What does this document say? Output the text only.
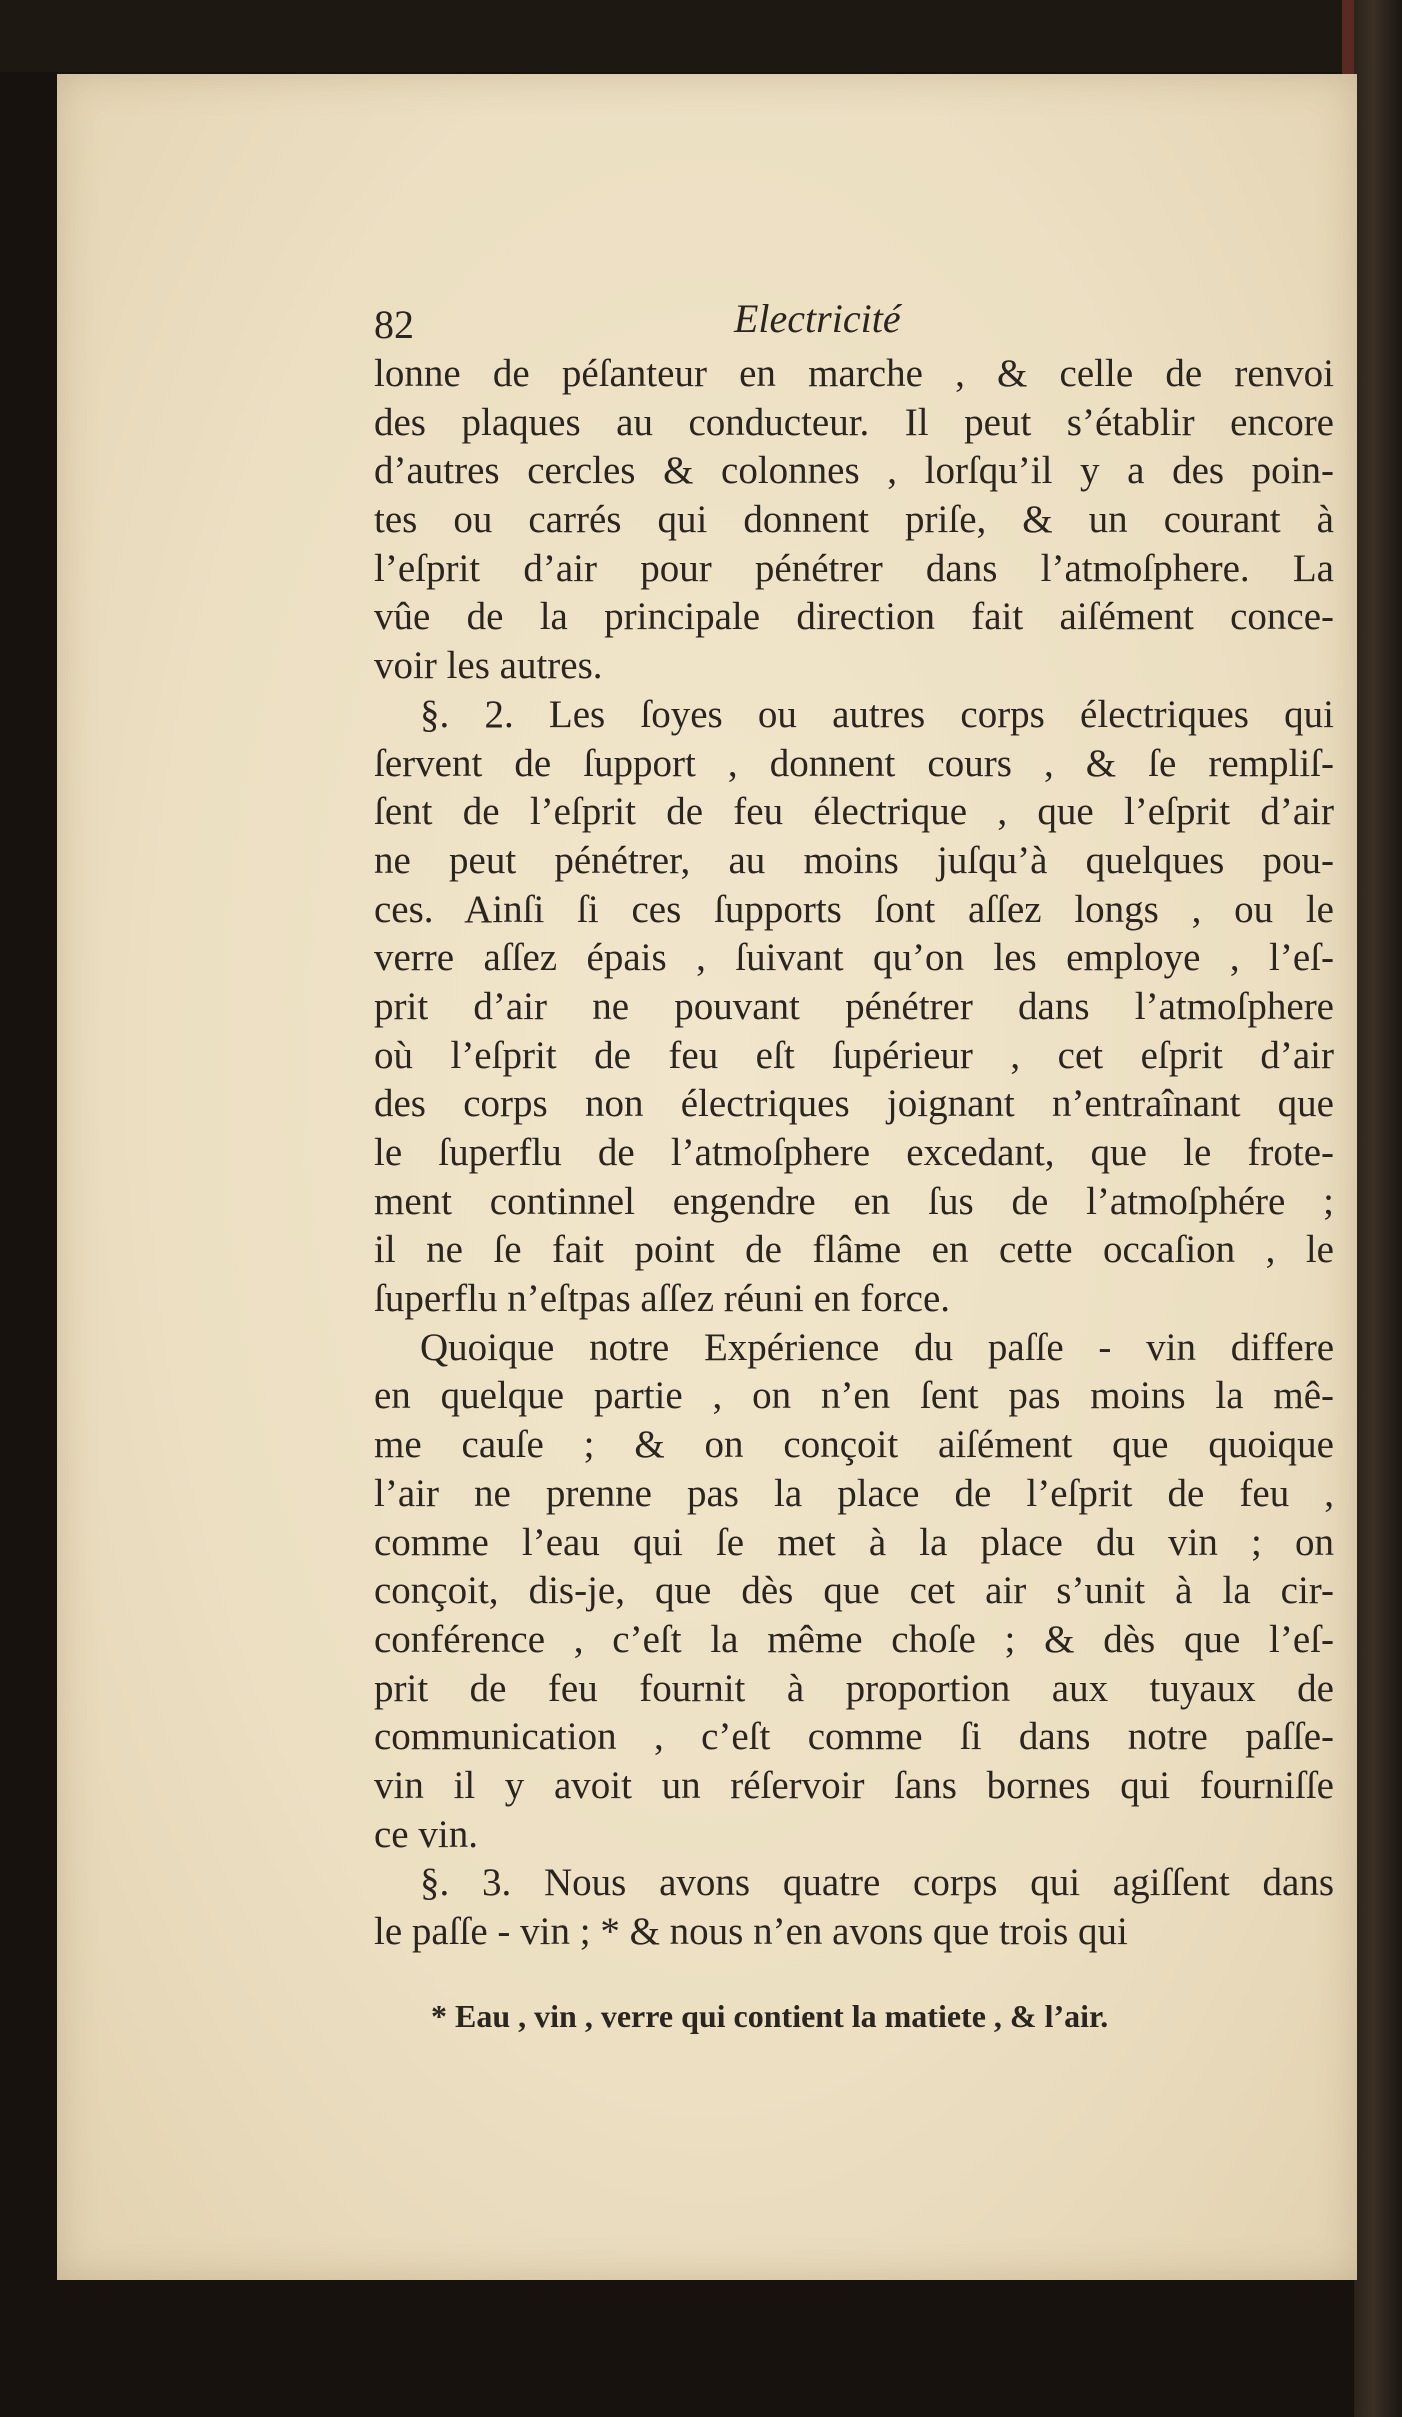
82	Electricité
lonne de péſanteur en marche , & celle de renvoi
des plaques au conducteur. Il peut s’établir encore
d’autres cercles & colonnes , lorſqu’il y a des poin-
tes ou carrés qui donnent priſe, & un courant à
l’eſprit d’air pour pénétrer dans l’atmoſphere. La
vûe de la principale direction fait aiſément conce-
voir les autres.
§. 2. Les ſoyes ou autres corps électriques qui
ſervent de ſupport , donnent cours , & ſe rempliſ-
ſent de l’eſprit de feu électrique , que l’eſprit d’air
ne peut pénétrer, au moins juſqu’à quelques pou-
ces. Ainſi ſi ces ſupports ſont aſſez longs , ou le
verre aſſez épais , ſuivant qu’on les employe , l’eſ-
prit d’air ne pouvant pénétrer dans l’atmoſphere
où l’eſprit de feu eſt ſupérieur , cet eſprit d’air
des corps non électriques joignant n’entraînant que
le ſuperflu de l’atmoſphere excedant, que le frote-
ment continnel engendre en ſus de l’atmoſphére ;
il ne ſe fait point de flâme en cette occaſion , le
ſuperflu n’eſtpas aſſez réuni en force.
Quoique notre Expérience du paſſe - vin differe
en quelque partie , on n’en ſent pas moins la mê-
me cauſe ; & on conçoit aiſément que quoique
l’air ne prenne pas la place de l’eſprit de feu ,
comme l’eau qui ſe met à la place du vin ; on
conçoit, dis-je, que dès que cet air s’unit à la cir-
conférence , c’eſt la même choſe ; & dès que l’eſ-
prit de feu fournit à proportion aux tuyaux de
communication , c’eſt comme ſi dans notre paſſe-
vin il y avoit un réſervoir ſans bornes qui fourniſſe
ce vin.
§. 3. Nous avons quatre corps qui agiſſent dans
le paſſe - vin ; * & nous n’en avons que trois qui
* Eau , vin , verre qui contient la matiete , & l’air.
